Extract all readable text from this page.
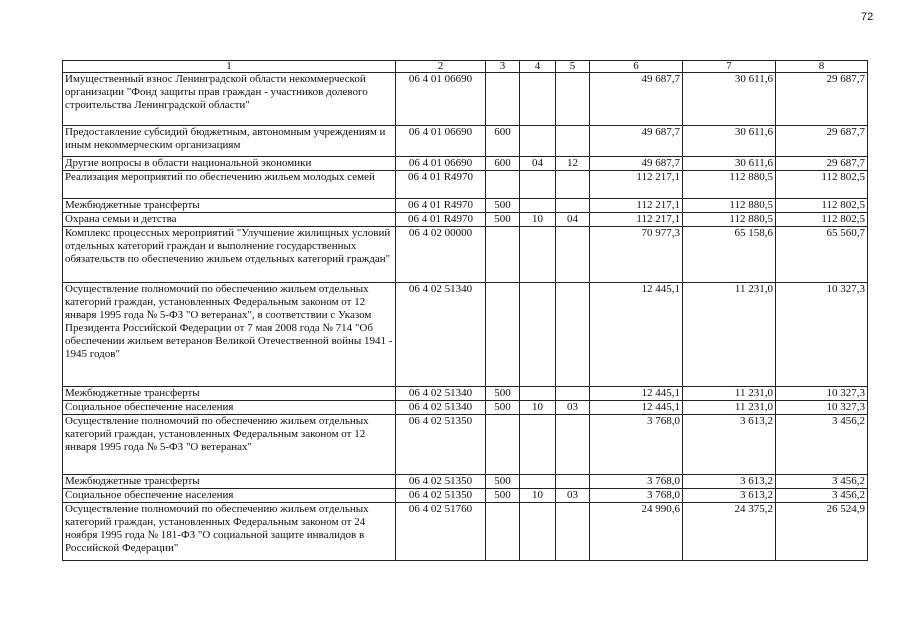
72
1	2	3	4	5	6	7	8
Имущественный взнос Ленинградской области некоммерческой организации "Фонд защиты прав граждан - участников долевого строительства Ленинградской области"	06 4 01 06690				49 687,7	30 611,6	29 687,7
Предоставление субсидий бюджетным, автономным учреждениям и иным некоммерческим организациям	06 4 01 06690	600			49 687,7	30 611,6	29 687,7
Другие вопросы в области национальной экономики	06 4 01 06690	600	04	12	49 687,7	30 611,6	29 687,7
Реализация мероприятий по обеспечению жильем молодых семей	06 4 01 R4970				112 217,1	112 880,5	112 802,5
Межбюджетные трансферты	06 4 01 R4970	500			112 217,1	112 880,5	112 802,5
Охрана семьи и детства	06 4 01 R4970	500	10	04	112 217,1	112 880,5	112 802,5
Комплекс процессных мероприятий "Улучшение жилищных условий отдельных категорий граждан и выполнение государственных обязательств по обеспечению жильем отдельных категорий граждан"	06 4 02 00000				70 977,3	65 158,6	65 560,7
Осуществление полномочий по обеспечению жильем отдельных категорий граждан, установленных Федеральным законом от 12 января 1995 года № 5-ФЗ "О ветеранах", в соответствии с Указом Президента Российской Федерации от 7 мая 2008 года № 714 "Об обеспечении жильем ветеранов Великой Отечественной войны 1941 - 1945 годов"	06 4 02 51340				12 445,1	11 231,0	10 327,3
Межбюджетные трансферты	06 4 02 51340	500			12 445,1	11 231,0	10 327,3
Социальное обеспечение населения	06 4 02 51340	500	10	03	12 445,1	11 231,0	10 327,3
Осуществление полномочий по обеспечению жильем отдельных категорий граждан, установленных Федеральным законом от 12 января 1995 года № 5-ФЗ "О ветеранах"	06 4 02 51350				3 768,0	3 613,2	3 456,2
Межбюджетные трансферты	06 4 02 51350	500			3 768,0	3 613,2	3 456,2
Социальное обеспечение населения	06 4 02 51350	500	10	03	3 768,0	3 613,2	3 456,2
Осуществление полномочий по обеспечению жильем отдельных категорий граждан, установленных Федеральным законом от 24 ноября 1995 года № 181-ФЗ "О социальной защите инвалидов в Российской Федерации"	06 4 02 51760				24 990,6	24 375,2	26 524,9
